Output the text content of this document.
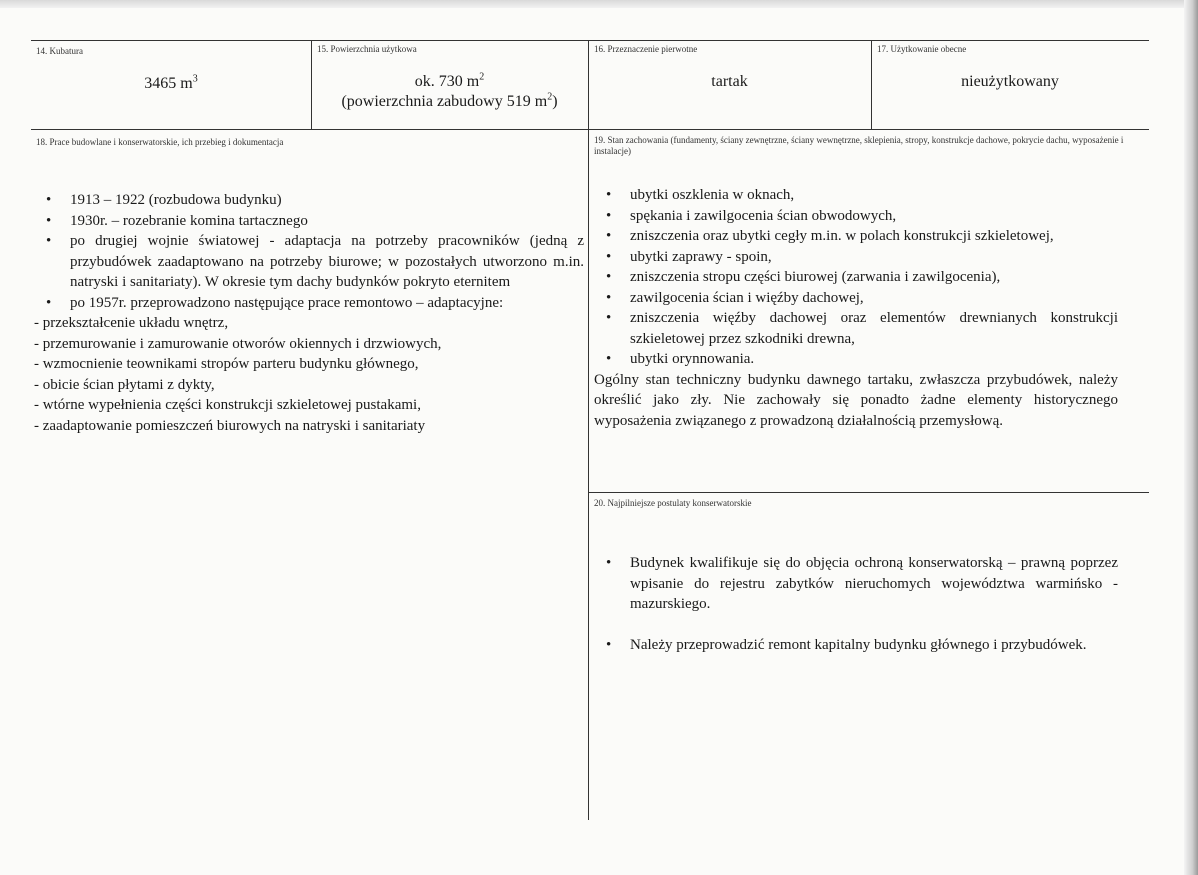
14. Kubatura
3465 $m^3$
15. Powierzchnia użytkowa
ok. 730 $m^2$
(powierzchnia zabudowy 519 $m^2$)
16. Przeznaczenie pierwotne
tartak
17. Użytkowanie obecne
nieużytkowany
18. Prace budowlane i konserwatorskie, ich przebieg i dokumentacja
• 1913 – 1922 (rozbudowa budynku)
• 1930r. – rozebranie komina tartacznego
• po drugiej wojnie światowej - adaptacja na potrzeby pracowników (jedną z przybudówek zaadaptowano na potrzeby biurowe; w pozostałych utworzono m.in. natryski i sanitariaty). W okresie tym dachy budynków pokryto eternitem
• po 1957r. przeprowadzono następujące prace remontowo – adaptacyjne:
- przekształcenie układu wnętrz,
- przemurowanie i zamurowanie otworów okiennych i drzwiowych,
- wzmocnienie teownikami stropów parteru budynku głównego,
- obicie ścian płytami z dykty,
- wtórne wypełnienia części konstrukcji szkieletowej pustakami,
- zaadaptowanie pomieszczeń biurowych na natryski i sanitariaty
19. Stan zachowania (fundamenty, ściany zewnętrzne, ściany wewnętrzne, sklepienia, stropy, konstrukcje dachowe, pokrycie dachu, wyposażenie i instalacje)
• ubytki oszklenia w oknach,
• spękania i zawilgocenia ścian obwodowych,
• zniszczenia oraz ubytki cegły m.in. w polach konstrukcji szkieletowej,
• ubytki zaprawy - spoin,
• zniszczenia stropu części biurowej (zarwania i zawilgocenia),
• zawilgocenia ścian i więźby dachowej,
• zniszczenia więźby dachowej oraz elementów drewnianych konstrukcji szkieletowej przez szkodniki drewna,
• ubytki orynnowania.

Ogólny stan techniczny budynku dawnego tartaku, zwłaszcza przybudówek, należy określić jako zły. Nie zachowały się ponadto żadne elementy historycznego wyposażenia związanego z prowadzoną działalnością przemysłową.

20. Najpilniejsze postulaty konserwatorskie
• Budynek kwalifikuje się do objęcia ochroną konserwatorską – prawną poprzez wpisanie do rejestru zabytków nieruchomych województwa warmińsko - mazurskiego.
• Należy przeprowadzić remont kapitalny budynku głównego i przybudówek.
